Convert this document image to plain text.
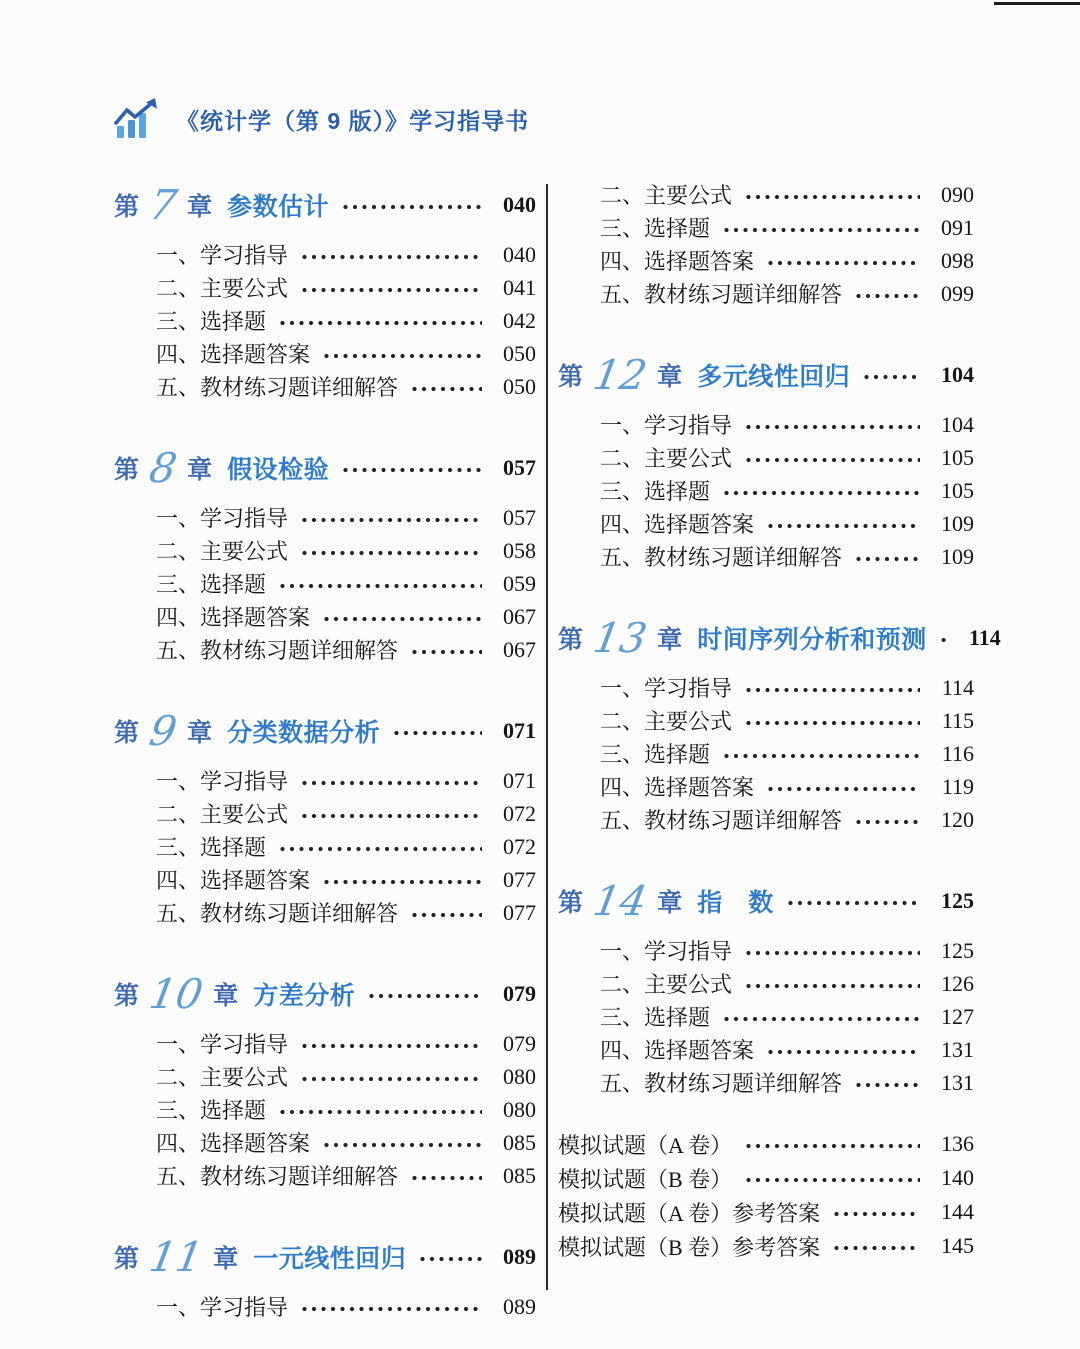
《统计学（第 9 版）》学习指导书
第 7 章 参数估计	040
一、学习指导	040
二、主要公式	041
三、选择题	042
四、选择题答案	050
五、教材练习题详细解答	050
第 8 章 假设检验	057
一、学习指导	057
二、主要公式	058
三、选择题	059
四、选择题答案	067
五、教材练习题详细解答	067
第 9 章 分类数据分析	071
一、学习指导	071
二、主要公式	072
三、选择题	072
四、选择题答案	077
五、教材练习题详细解答	077
第 10 章 方差分析	079
一、学习指导	079
二、主要公式	080
三、选择题	080
四、选择题答案	085
五、教材练习题详细解答	085
第 11 章 一元线性回归	089
一、学习指导	089
二、主要公式	090
三、选择题	091
四、选择题答案	098
五、教材练习题详细解答	099
第 12 章 多元线性回归	104
一、学习指导	104
二、主要公式	105
三、选择题	105
四、选择题答案	109
五、教材练习题详细解答	109
第 13 章 时间序列分析和预测	114
一、学习指导	114
二、主要公式	115
三、选择题	116
四、选择题答案	119
五、教材练习题详细解答	120
第 14 章 指　数	125
一、学习指导	125
二、主要公式	126
三、选择题	127
四、选择题答案	131
五、教材练习题详细解答	131
模拟试题（A 卷）	136
模拟试题（B 卷）	140
模拟试题（A 卷）参考答案	144
模拟试题（B 卷）参考答案	145
